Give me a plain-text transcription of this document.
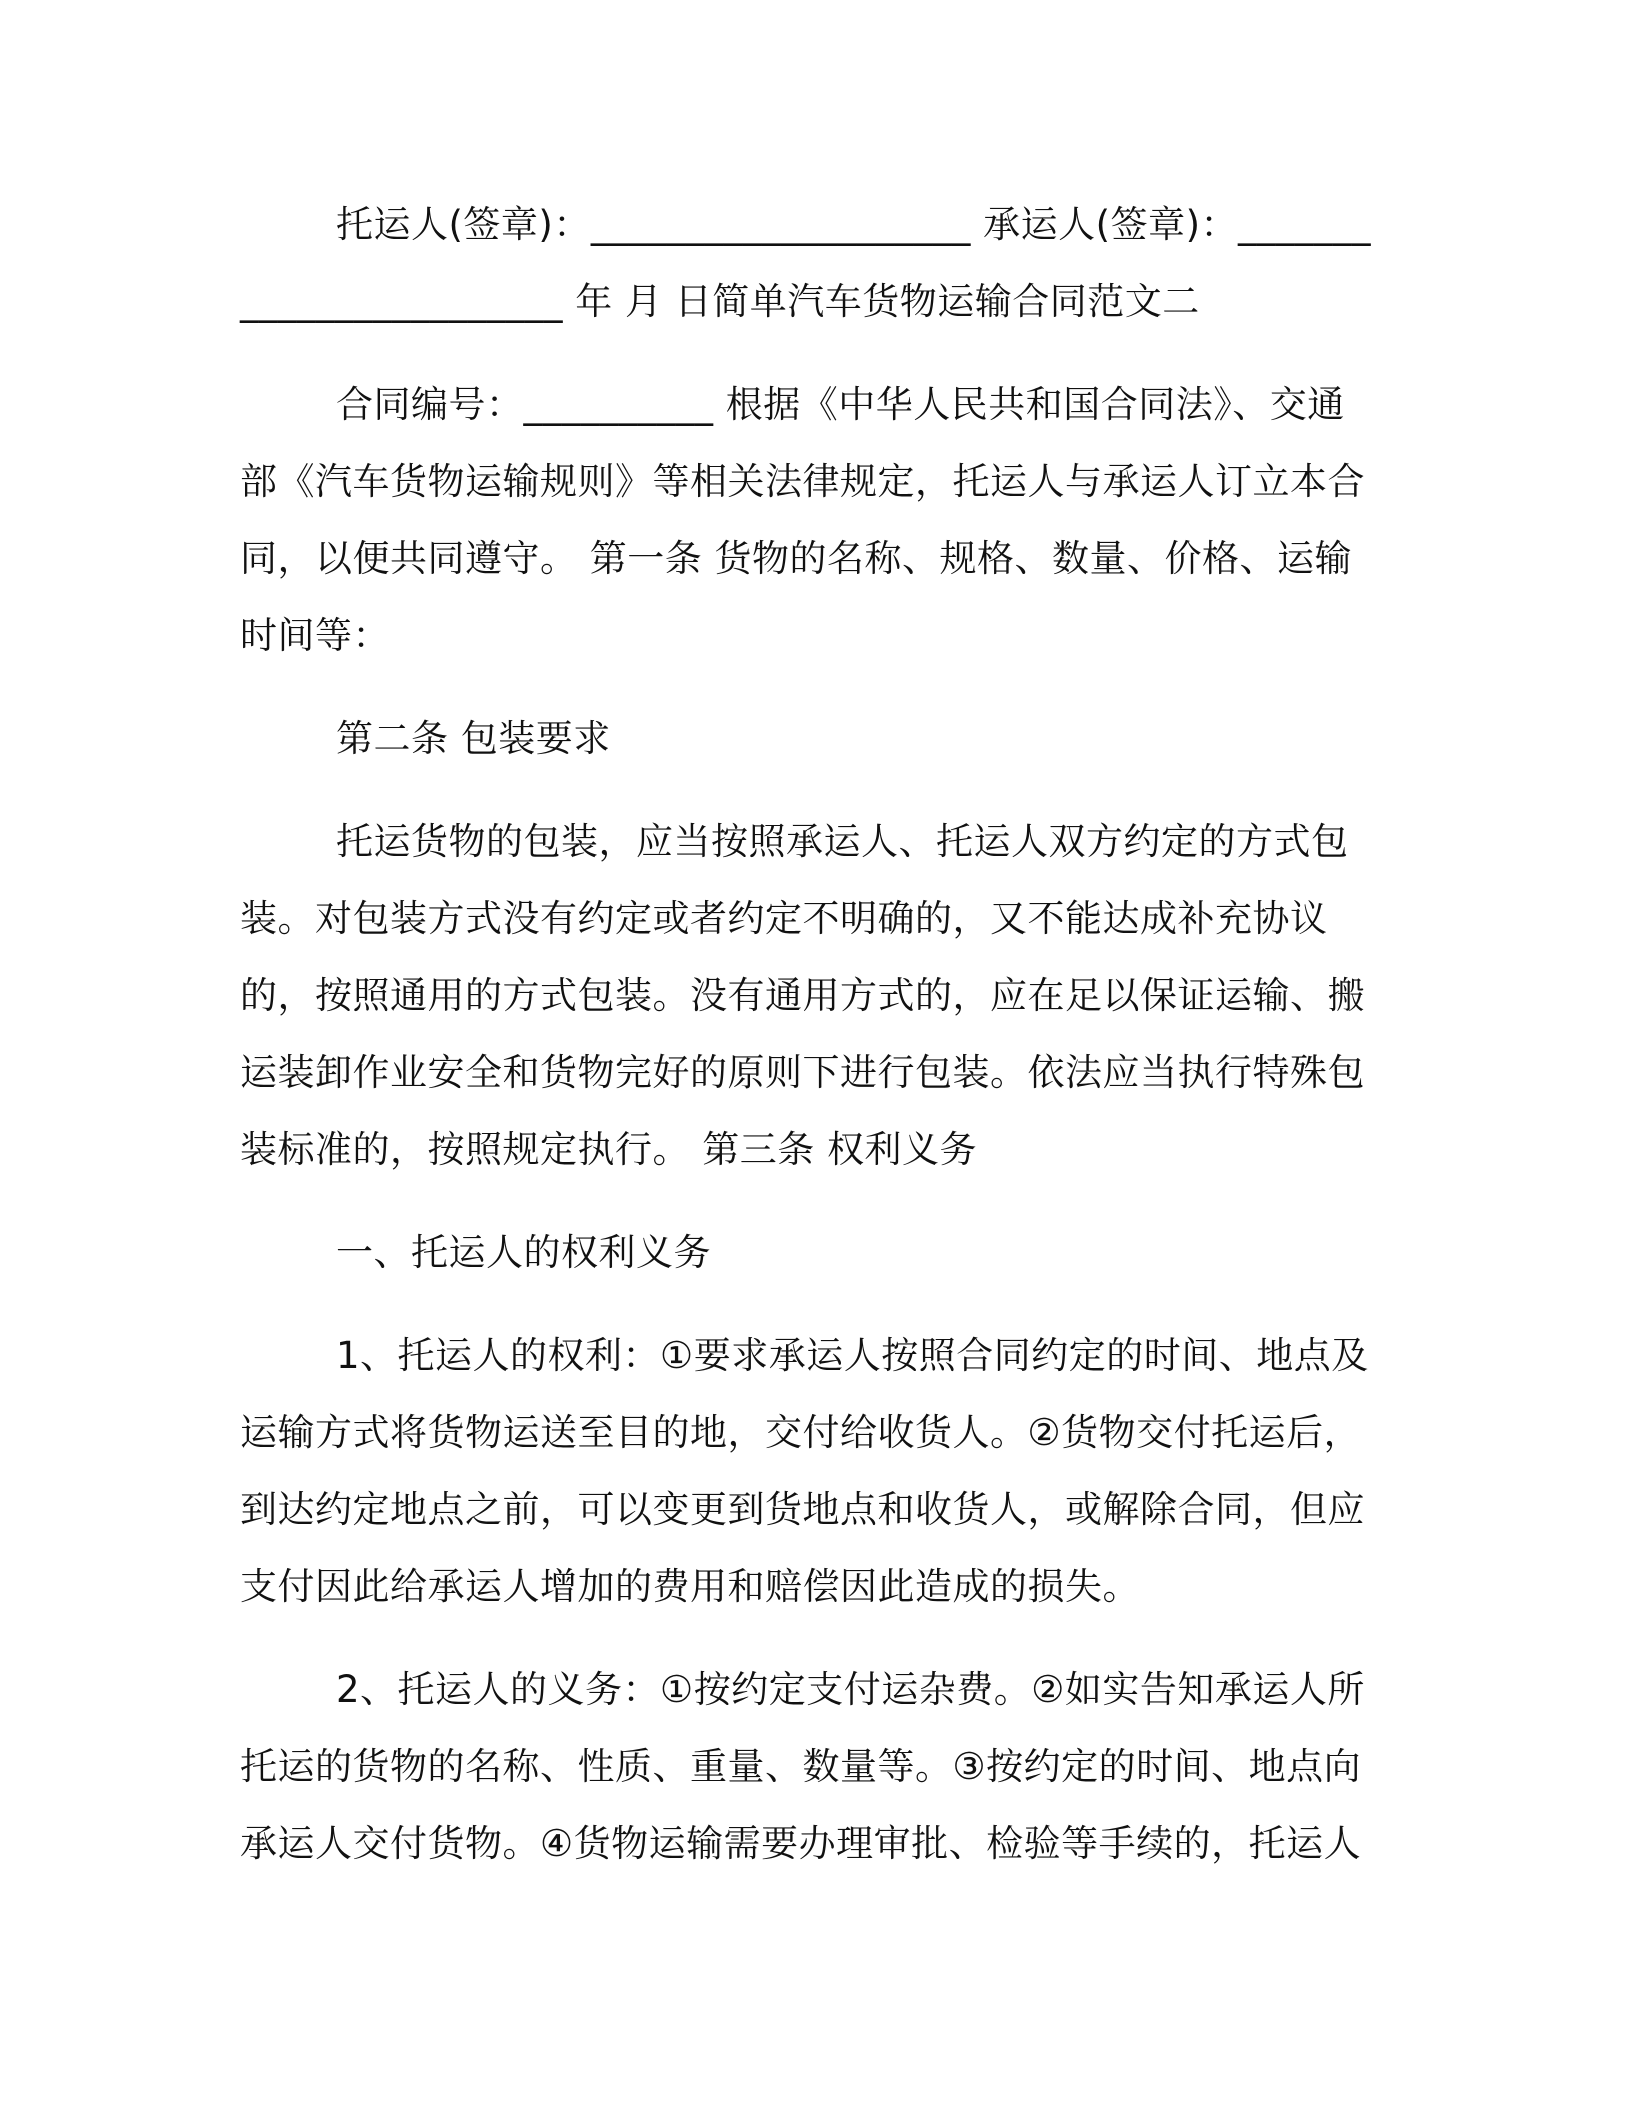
托运人(签章)：____________________ 承运人(签章)：________________________ 年 月 日简单汽车货物运输合同范文二

合同编号：__________ 根据《中华人民共和国合同法》、交通部《汽车货物运输规则》等相关法律规定，托运人与承运人订立本合同，以便共同遵守。 第一条 货物的名称、规格、数量、价格、运输时间等：

第二条 包装要求

托运货物的包装，应当按照承运人、托运人双方约定的方式包装。对包装方式没有约定或者约定不明确的，又不能达成补充协议的，按照通用的方式包装。没有通用方式的，应在足以保证运输、搬运装卸作业安全和货物完好的原则下进行包装。依法应当执行特殊包装标准的，按照规定执行。 第三条 权利义务

一、托运人的权利义务

1、托运人的权利：①要求承运人按照合同约定的时间、地点及运输方式将货物运送至目的地，交付给收货人。②货物交付托运后，到达约定地点之前，可以变更到货地点和收货人，或解除合同，但应支付因此给承运人增加的费用和赔偿因此造成的损失。

2、托运人的义务：①按约定支付运杂费。②如实告知承运人所托运的货物的名称、性质、重量、数量等。③按约定的时间、地点向承运人交付货物。④货物运输需要办理审批、检验等手续的，托运人
